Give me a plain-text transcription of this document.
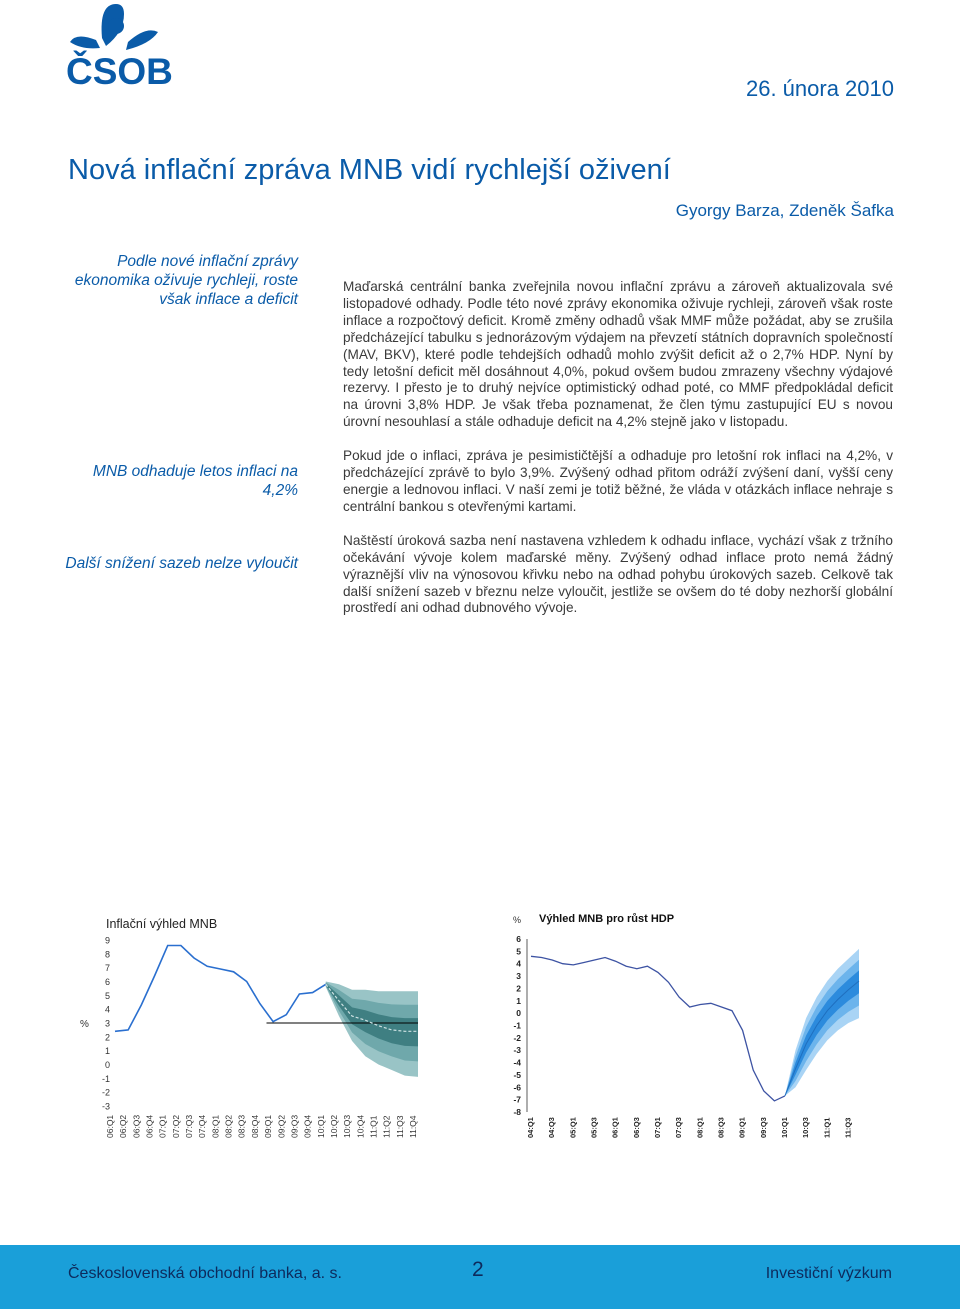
ČSOB	26. února 2010
Nová inflační zpráva MNB vidí rychlejší oživení
Gyorgy Barza, Zdeněk Šafka
Podle nové inflační zprávy ekonomika oživuje rychleji, roste však inflace a deficit
MNB odhaduje letos inflaci na 4,2%
Další snížení sazeb nelze vyloučit

Maďarská centrální banka zveřejnila novou inflační zprávu a zároveň aktualizovala své listopadové odhady. Podle této nové zprávy ekonomika oživuje rychleji, zároveň však roste inflace a rozpočtový deficit. Kromě změny odhadů však MMF může požádat, aby se zrušila předcházející tabulku s jednorázovým výdajem na převzetí státních dopravních společností (MAV, BKV), které podle tehdejších odhadů mohlo zvýšit deficit až o 2,7% HDP. Nyní by tedy letošní deficit měl dosáhnout 4,0%, pokud ovšem budou zmrazeny všechny výdajové rezervy. I přesto je to druhý nejvíce optimistický odhad poté, co MMF předpokládal deficit na úrovni 3,8% HDP. Je však třeba poznamenat, že člen týmu zastupující EU s novou úrovní nesouhlasí a stále odhaduje deficit na 4,2% stejně jako v listopadu.

Pokud jde o inflaci, zpráva je pesimističtější a odhaduje pro letošní rok inflaci na 4,2%, v předcházející zprávě to bylo 3,9%. Zvýšený odhad přitom odráží zvýšení daní, vyšší ceny energie a lednovou inflaci. V naší zemi je totiž běžné, že vláda v otázkách inflace nehraje s centrální bankou s otevřenými kartami.

Naštěstí úroková sazba není nastavena vzhledem k odhadu inflace, vychází však z tržního očekávání vývoje kolem maďarské měny. Zvýšený odhad inflace proto nemá žádný výraznější vliv na výnosovou křivku nebo na odhad pohybu úrokových sazeb. Celkově tak další snížení sazeb v březnu nelze vyloučit, jestliže se ovšem do té doby nezhorší globální prostředí ani odhad dubnového vývoje.

Inflační výhled MNB
%
-3
-2
-1
0
1
2
3
4
5
6
7
8
9
06:Q1 06:Q2 06:Q3 06:Q4 07:Q1 07:Q2 07:Q3 07:Q4 08:Q1 08:Q2 08:Q3 08:Q4 09:Q1 09:Q2 09:Q3 09:Q4 10:Q1 10:Q2 10:Q3 10:Q4 11:Q1 11:Q2 11:Q3 11:Q4
% Výhled MNB pro růst HDP
-8
-7
-6
-5
-4
-3
-2
-1
0
1
2
3
4
5
6
04:Q1 04:Q3 05:Q1 05:Q3 06:Q1 06:Q3 07:Q1 07:Q3 08:Q1 08:Q3 09:Q1 09:Q3 10:Q1 10:Q3 11:Q1 11:Q3
Československá obchodní banka, a. s.	2	Investiční výzkum
